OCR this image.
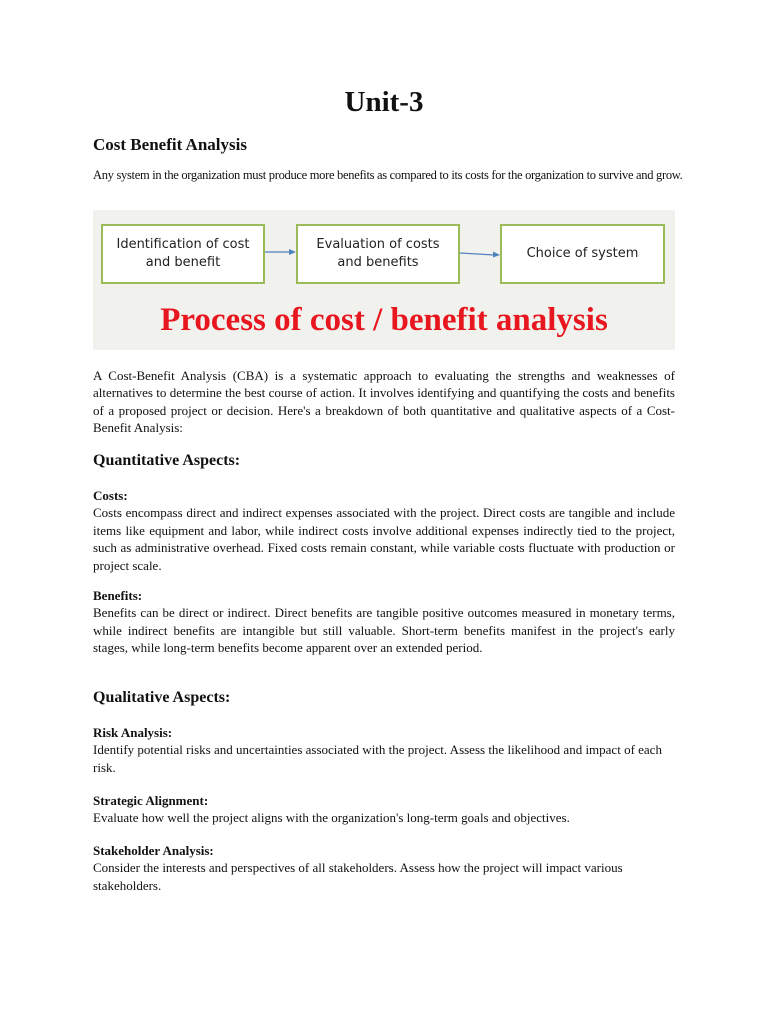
Unit-3
Cost Benefit Analysis

Any system in the organization must produce more benefits as compared to its costs for the organization to survive and grow.

Identification of cost
and benefit
Evaluation of costs
and benefits
Choice of system

Process of cost / benefit analysis

A Cost-Benefit Analysis (CBA) is a systematic approach to evaluating the strengths and weaknesses of alternatives to determine the best course of action. It involves identifying and quantifying the costs and benefits of a proposed project or decision. Here's a breakdown of both quantitative and qualitative aspects of a Cost-Benefit Analysis:

Quantitative Aspects:

Costs:

Costs encompass direct and indirect expenses associated with the project. Direct costs are tangible and include items like equipment and labor, while indirect costs involve additional expenses indirectly tied to the project, such as administrative overhead. Fixed costs remain constant, while variable costs fluctuate with production or project scale.

Benefits:

Benefits can be direct or indirect. Direct benefits are tangible positive outcomes measured in monetary terms, while indirect benefits are intangible but still valuable. Short-term benefits manifest in the project's early stages, while long-term benefits become apparent over an extended period.

Qualitative Aspects:

Risk Analysis:

Identify potential risks and uncertainties associated with the project. Assess the likelihood and impact of each risk.

Strategic Alignment:

Evaluate how well the project aligns with the organization's long-term goals and objectives.

Stakeholder Analysis:

Consider the interests and perspectives of all stakeholders. Assess how the project will impact various stakeholders.
